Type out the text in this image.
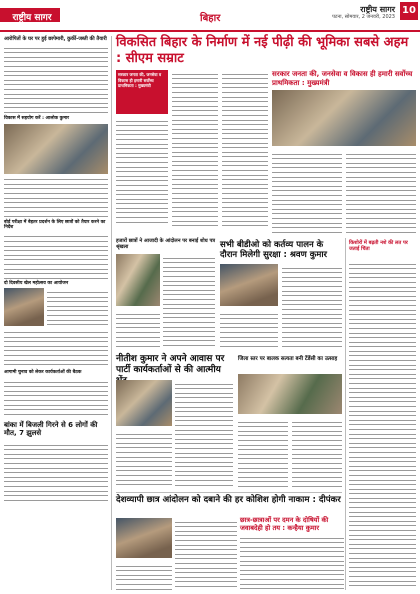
राष्ट्रीय सागर	बिहार
राष्ट्रीय सागर
पटना, सोमवार, 2 जनवरी, 2023
10
आरोपितों के घर पर हुई छापेमारी, कुर्की-जब्ती की तैयारी
विकास में सहयोग करें : आलोक कुमार
बोर्ड परीक्षा में बेहतर प्रदर्शन के लिए छात्रों को तैयार करने का निर्देश
दो दिवसीय खेल महोत्सव का आयोजन
आगामी चुनाव को लेकर कार्यकर्ताओं की बैठक
बांका में बिजली गिरने से 6 लोगों की मौत, 7 झुलसे
विकसित बिहार के निर्माण में नई पीढ़ी की भूमिका सबसे अहम : सीएम सम्राट
सरकार जनता की, जनसेवा व विकास ही हमारी सर्वोच्च प्राथमिकता : मुख्यमंत्री
सरकार जनता की, जनसेवा व विकास ही हमारी सर्वोच्च प्राथमिकता : मुख्यमंत्री
हजारों छात्रों ने आजादी के आंदोलन पर बनाई शोध पत्र श्रृंखला	सभी बीडीओ को कर्तव्य पालन के दौरान मिलेगी सुरक्षा : श्रवण कुमार
किशोरों में बढ़ती नशे की लत पर जताई चिंता
नीतीश कुमार ने अपने आवास पर पार्टी कार्यकर्ताओं से की आत्मीय
जिला स्तर पर बालक सत्यता बनी टेंडेंसी का उत्साह
देशव्यापी छात्र आंदोलन को दबाने की हर कोशिश होगी नाकाम : दीपंकर
छात्र-छात्राओं पर दमन के दोषियों की जवाबदेही हो तय : कन्हैया कुमार
